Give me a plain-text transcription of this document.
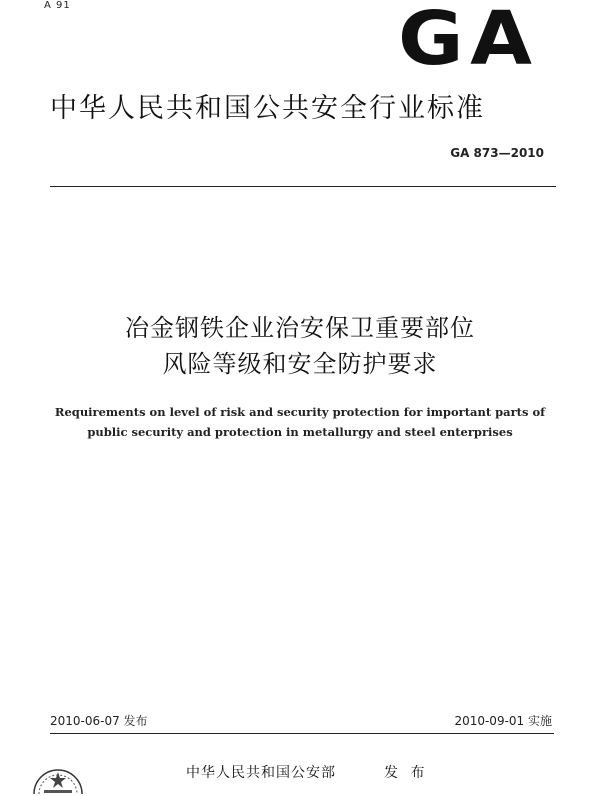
A 91	GA
中华人民共和国公共安全行业标准
GA 873—2010
冶金钢铁企业治安保卫重要部位
风险等级和安全防护要求
Requirements on level of risk and security protection for important parts of
public security and protection in metallurgy and steel enterprises
2010-06-07 发布	2010-09-01 实施
中华人民共和国公安部	发 布
